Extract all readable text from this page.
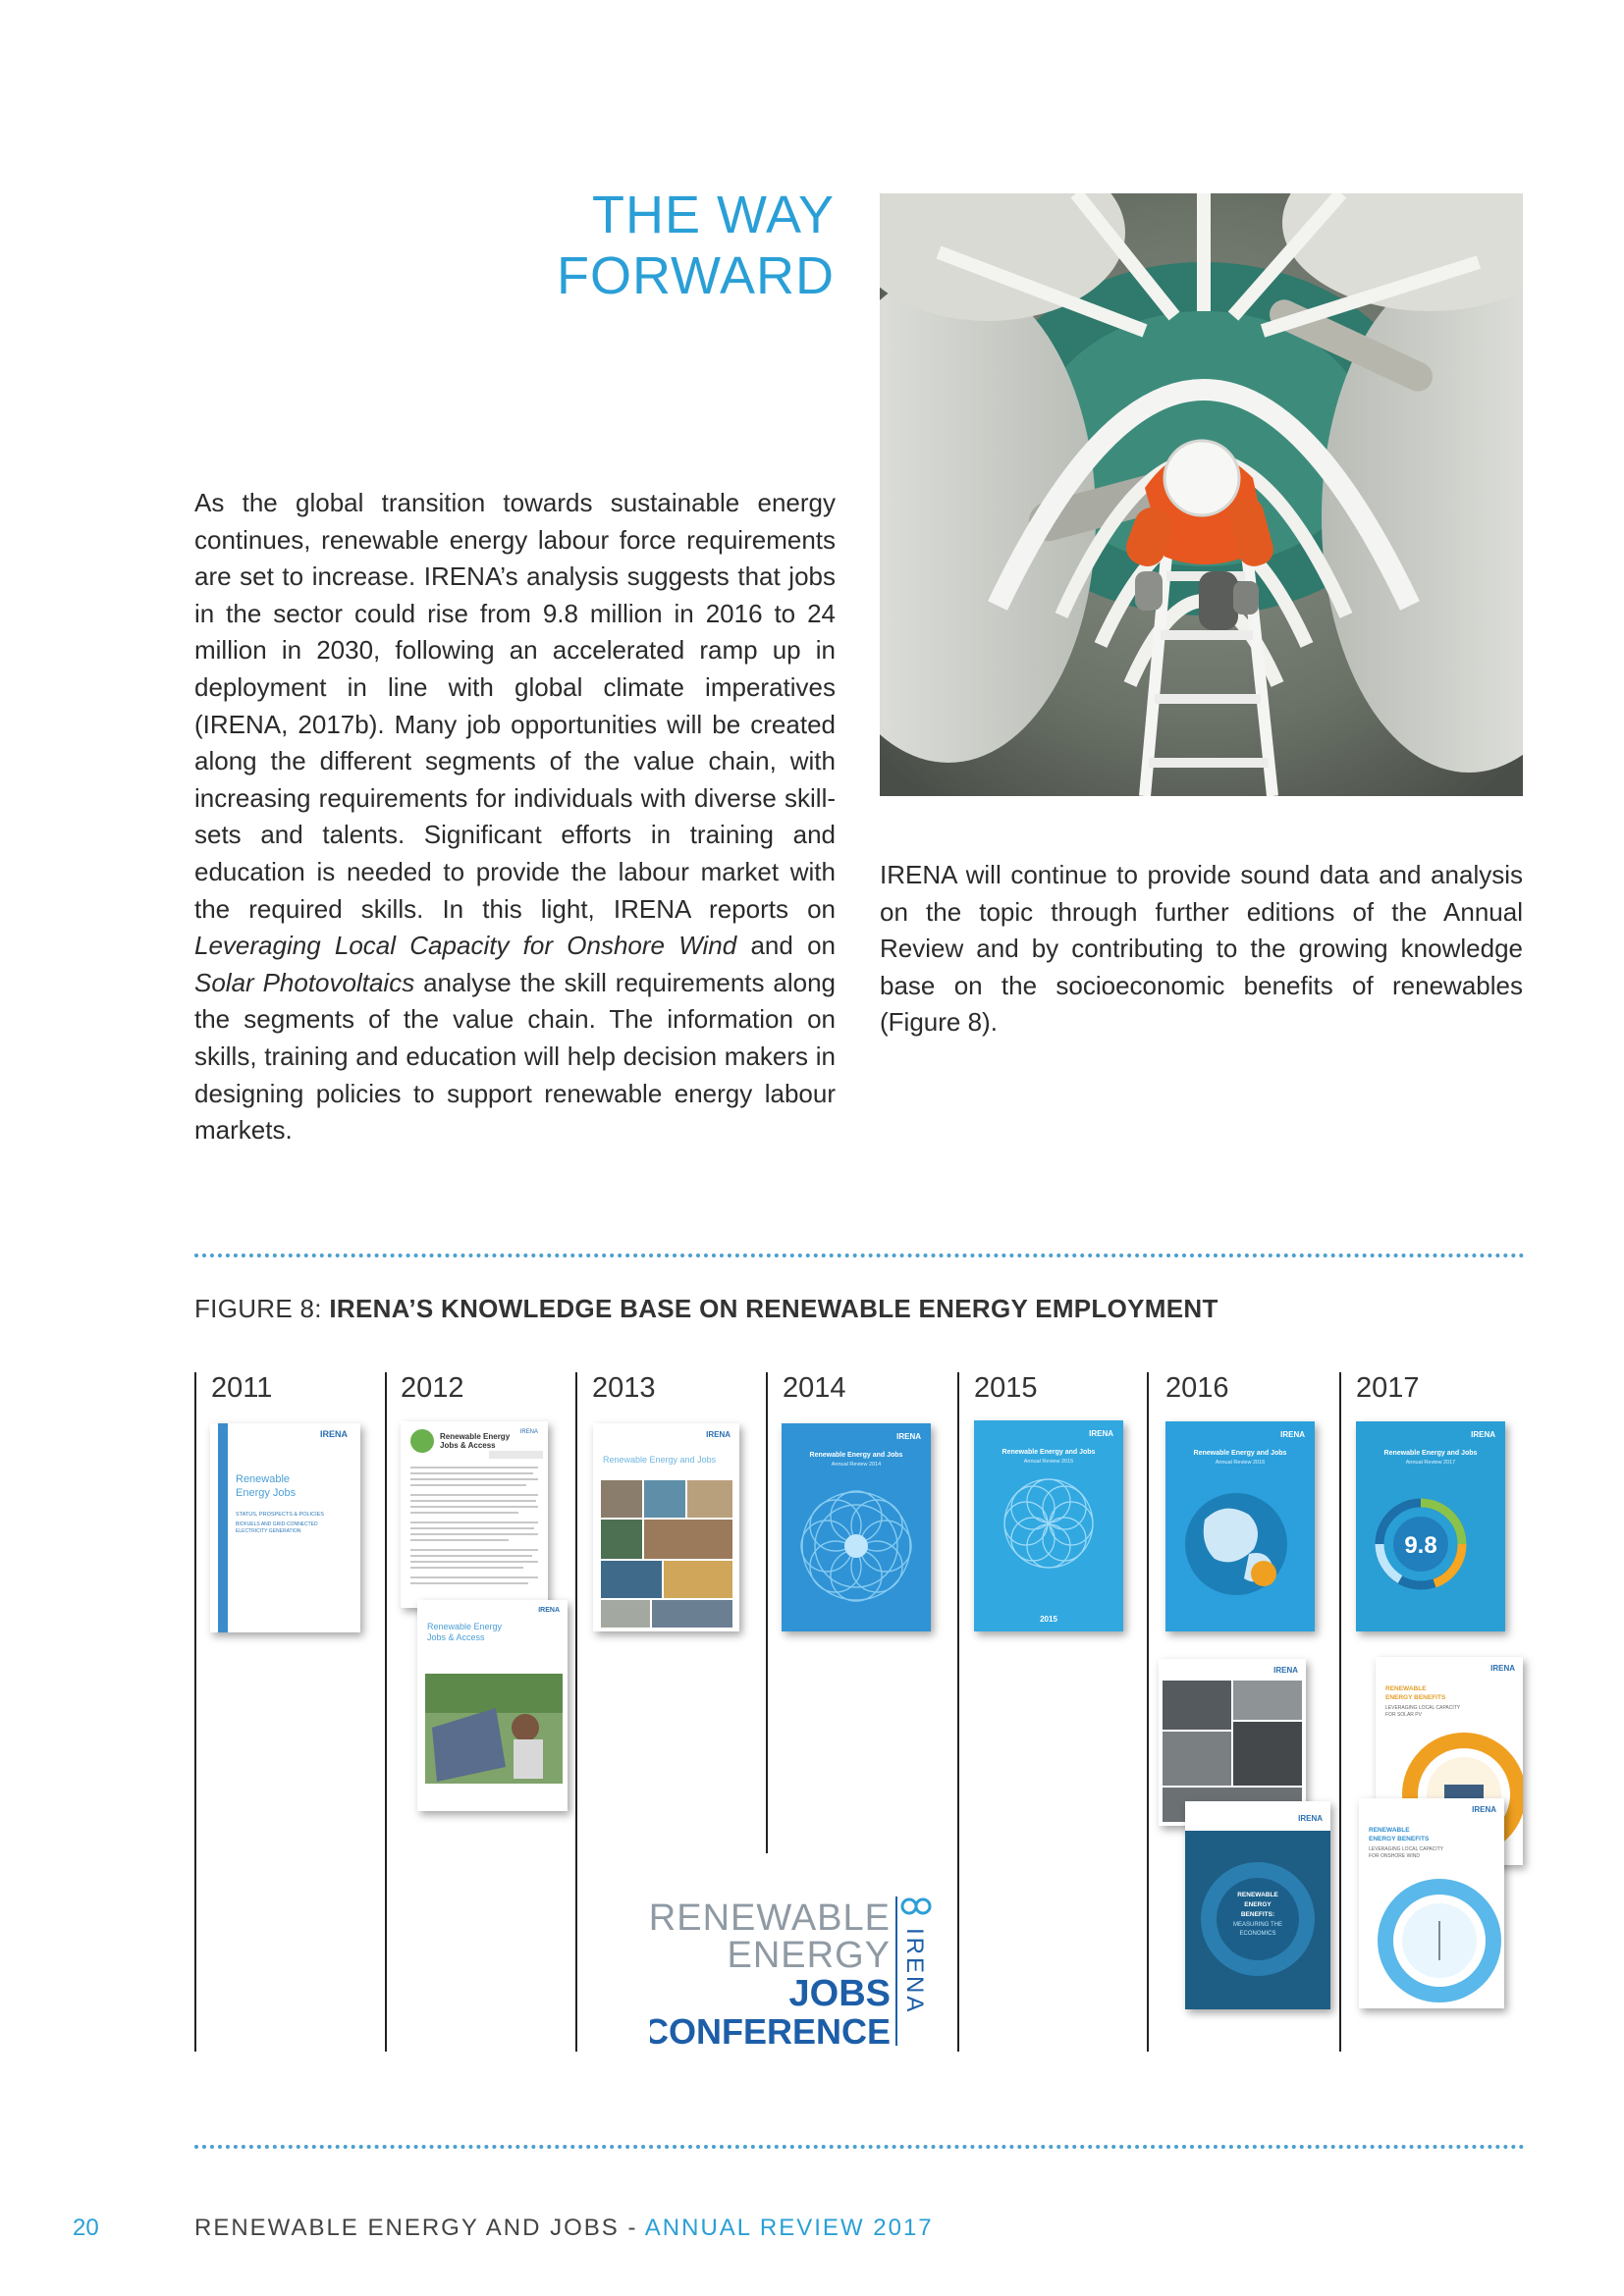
THE WAY FORWARD

As the global transition towards sustainable energy continues, renewable energy labour force requirements are set to increase. IRENA’s analysis suggests that jobs in the sector could rise from 9.8 million in 2016 to 24 million in 2030, following an accelerated ramp up in deployment in line with global climate imperatives (IRENA, 2017b). Many job opportunities will be created along the different segments of the value chain, with increasing requirements for individuals with diverse skill-sets and talents. Significant efforts in training and education is needed to provide the labour market with the required skills. In this light, IRENA reports on Leveraging Local Capacity for Onshore Wind and on Solar Photovoltaics analyse the skill requirements along the segments of the value chain. The information on skills, training and education will help decision makers in designing policies to support renewable energy labour markets.

IRENA will continue to provide sound data and analysis on the topic through further editions of the Annual Review and by contributing to the growing knowledge base on the socioeconomic benefits of renewables (Figure 8).

FIGURE 8: IRENA’S KNOWLEDGE BASE ON RENEWABLE ENERGY EMPLOYMENT

2011	2012	2013	2014	2015	2016	2017
IRENA
Renewable
Energy Jobs
STATUS, PROSPECTS & POLICIES
BIOFUELS AND GRID-CONNECTED
ELECTRICITY GENERATION
Renewable Energy
Jobs & Access
IRENA
IRENA
Renewable Energy
Jobs & Access
IRENA
Renewable Energy and Jobs
IRENA
Renewable Energy and Jobs
Annual Review 2014
IRENA
Renewable Energy and Jobs
Annual Review 2015
2015
IRENA
Renewable Energy and Jobs
Annual Review 2016
IRENA
IRENA
RENEWABLE
ENERGY
BENEFITS:
MEASURING THE
ECONOMICS
IRENA
Renewable Energy and Jobs
Annual Review 2017
9.8
IRENA
RENEWABLE
ENERGY BENEFITS
LEVERAGING LOCAL CAPACITY
FOR SOLAR PV
IRENA
RENEWABLE
ENERGY BENEFITS
LEVERAGING LOCAL CAPACITY
FOR ONSHORE WIND
RENEWABLE
ENERGY
JOBS
CONFERENCE
IRENA
20	RENEWABLE ENERGY AND JOBS - ANNUAL REVIEW 2017
